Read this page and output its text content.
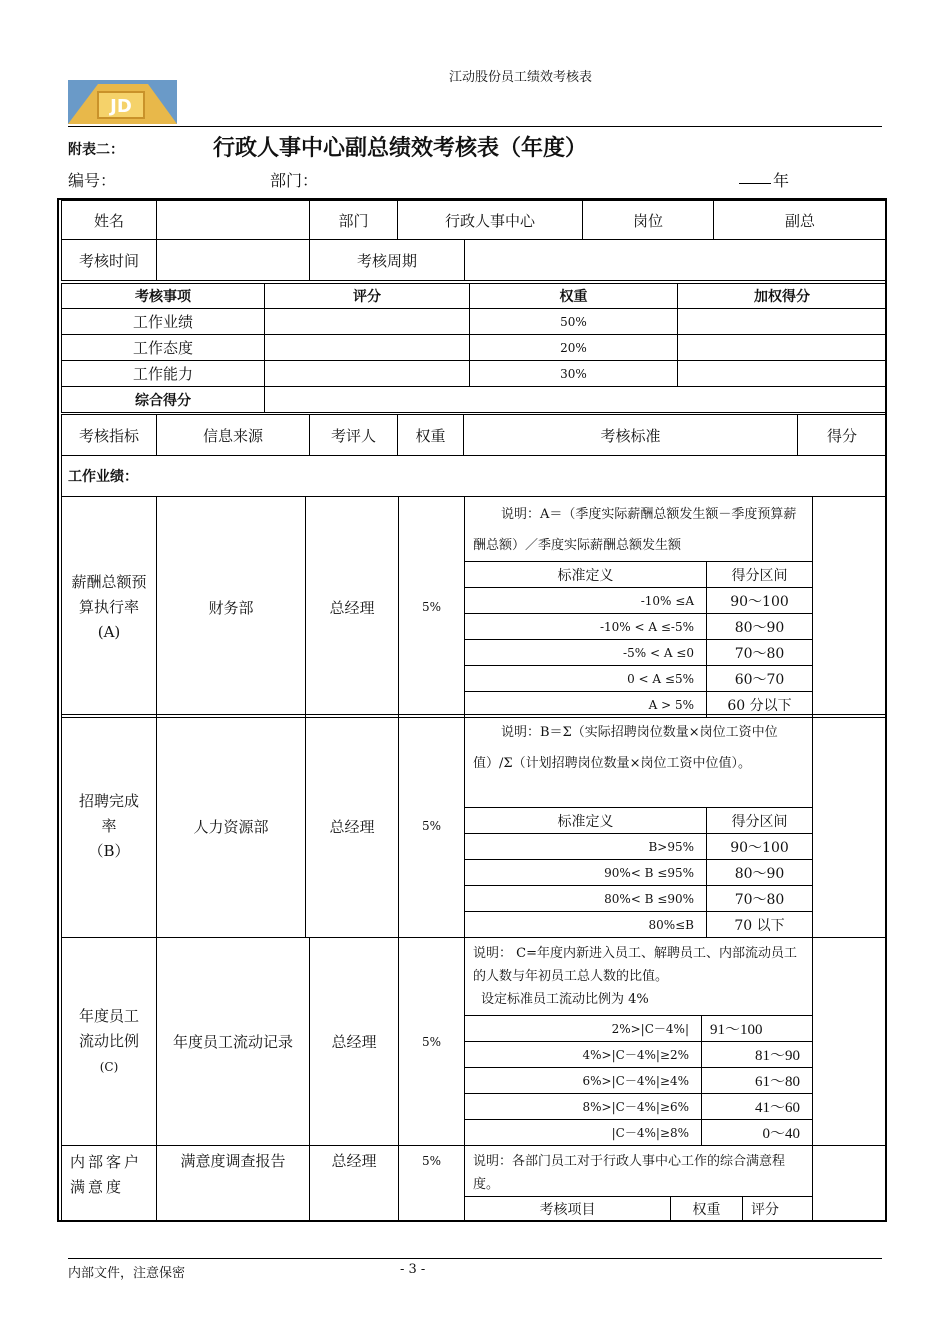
江动股份员工绩效考核表
JD
附表二：	行政人事中心副总绩效考核表（年度）
编号：	部门：	年
姓名		部门	行政人事中心	岗位	副总
考核时间		考核周期	
考核事项	评分	权重	加权得分
工作业绩		50%	
工作态度		20%	
工作能力		30%	
综合得分			
考核指标	信息来源	考评人	权重	考核标准	得分
工作业绩：
薪酬总额预算执行率
(A)	财务部	总经理	5%	说明：A＝（季度实际薪酬总额发生额－季度预算薪酬总额）／季度实际薪酬总额发生额		
				标准定义	得分区间	
				-10% ≤A	90～100	
				-10% < A ≤-5%	80～90	
				-5% < A ≤0	70～80	
				0 < A ≤5%	60～70	
				A > 5%	60 分以下	
招聘完成率
（B）	人力资源部	总经理	5%	说明：B＝Σ（实际招聘岗位数量×岗位工资中位值）/Σ（计划招聘岗位数量×岗位工资中位值）。		
				标准定义	得分区间	
				B>95%	90～100	
				90%< B ≤95%	80～90	
				80%< B ≤90%	70～80	
				80%≤B	70 以下	
年度员工流动比例
(C)	年度员工流动记录	总经理	5%	说明： C=年度内新进入员工、解聘员工、内部流动员工的人数与年初员工总人数的比值。
设定标准员工流动比例为 4%		
				2%>|C－4%|	91～100	
				4%>|C－4%|≥2%	81～90	
				6%>|C－4%|≥4%	61～80	
				8%>|C－4%|≥6%	41～60	
				|C－4%|≥8%	0～40	
内部客户满意度	满意度调查报告	总经理	5%	说明：各部门员工对于行政人事中心工作的综合满意程度。			
				考核项目	权重	评分	
内部文件，注意保密	- 3 -
